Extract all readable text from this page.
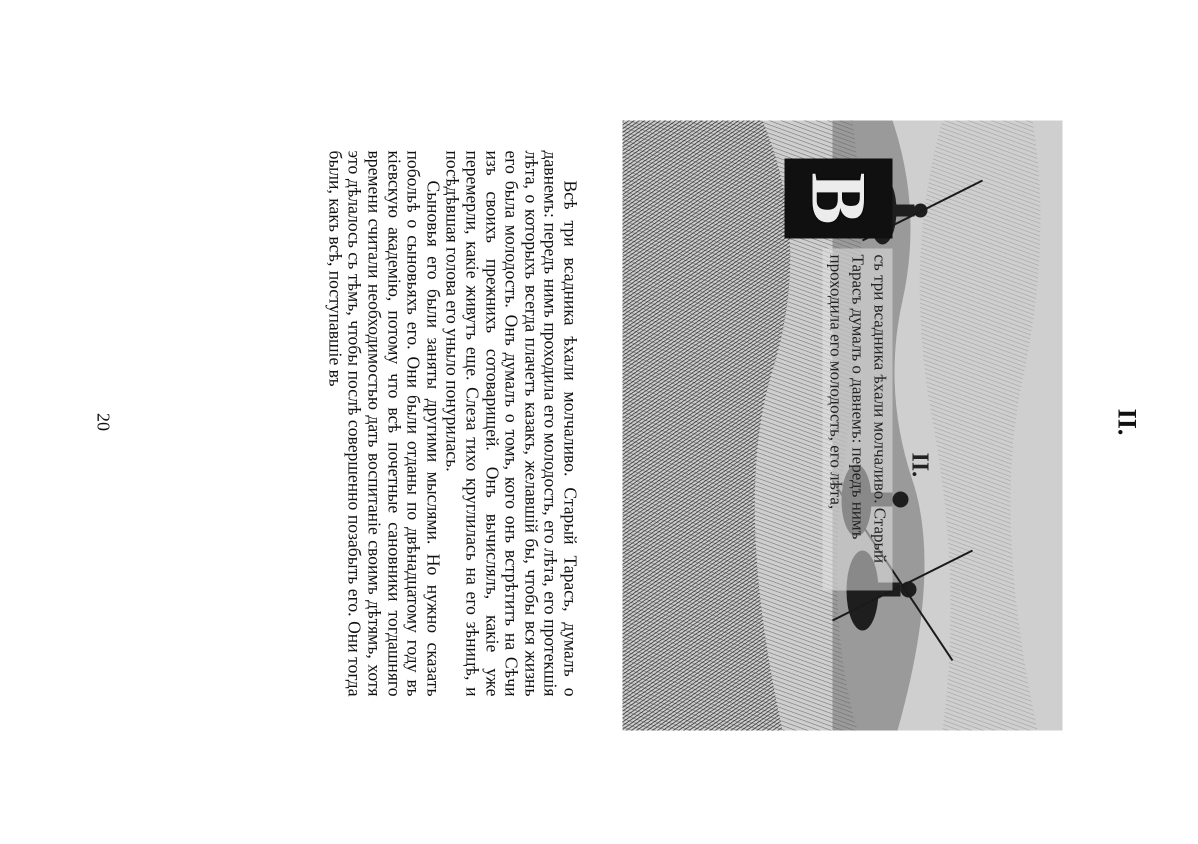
II.
В
II.
съ три всадника ѣхали молчаливо. Старый Тарасъ думалъ о давнемъ: передъ нимъ проходила его молодость, его лѣта,

Всѣ три всадника ѣхали молчаливо. Старый Тарасъ, думалъ о давнемъ: передъ нимъ проходила его молодость, его лѣта, его протекшія лѣта, о которыхъ всегда плачетъ казакъ, желавшій бы, чтобы вся жизнь его была молодость. Онъ думалъ о томъ, кого онъ встрѣтитъ на Сѣчи изъ своихъ прежнихъ сотоварищей. Онъ вычислялъ, какіе уже перемерли, какіе живутъ еще. Слеза тихо круглилась на его зѣницѣ, и посѣдѣвшая голова его уныло понурилась.

Сыновья его были заняты другими мыслями. Но нужно сказать побольѣ о сыновьяхъ его. Они были отданы по двѣнадцатому году въ кіевскую академію, потому что всѣ почетные сановники тогдашняго времени считали необходимостью дать воспитаніе своимъ дѣтямъ, хотя это дѣлалось съ тѣмъ, чтобы послѣ совершенно позабыть его. Они тогда были, какъ всѣ, поступавшіе въ

20
